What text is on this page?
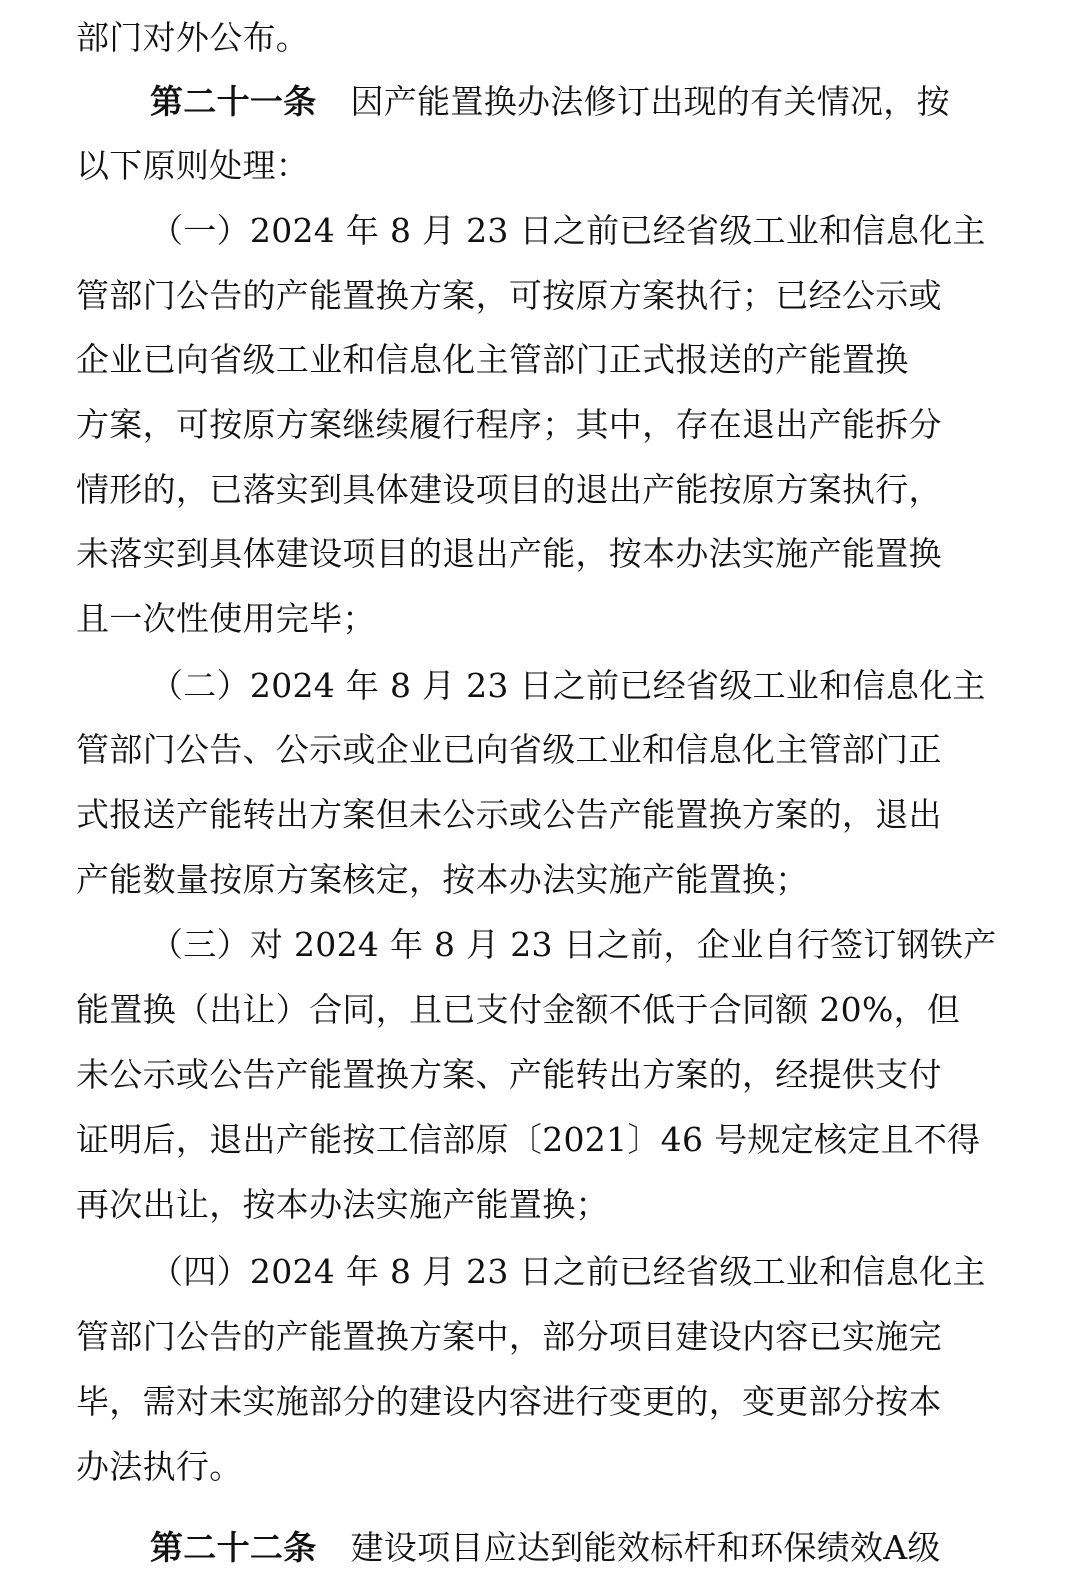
部门对外公布。
第二十一条 因产能置换办法修订出现的有关情况，按
以下原则处理：
（一）2024 年 8 月 23 日之前已经省级工业和信息化主
管部门公告的产能置换方案，可按原方案执行；已经公示或
企业已向省级工业和信息化主管部门正式报送的产能置换
方案，可按原方案继续履行程序；其中，存在退出产能拆分
情形的，已落实到具体建设项目的退出产能按原方案执行，
未落实到具体建设项目的退出产能，按本办法实施产能置换
且一次性使用完毕；
（二）2024 年 8 月 23 日之前已经省级工业和信息化主
管部门公告、公示或企业已向省级工业和信息化主管部门正
式报送产能转出方案但未公示或公告产能置换方案的，退出
产能数量按原方案核定，按本办法实施产能置换；
（三）对 2024 年 8 月 23 日之前，企业自行签订钢铁产
能置换（出让）合同，且已支付金额不低于合同额 20%，但
未公示或公告产能置换方案、产能转出方案的，经提供支付
证明后，退出产能按工信部原〔2021〕46 号规定核定且不得
再次出让，按本办法实施产能置换；
（四）2024 年 8 月 23 日之前已经省级工业和信息化主
管部门公告的产能置换方案中，部分项目建设内容已实施完
毕，需对未实施部分的建设内容进行变更的，变更部分按本
办法执行。
第二十二条 建设项目应达到能效标杆和环保绩效A级
